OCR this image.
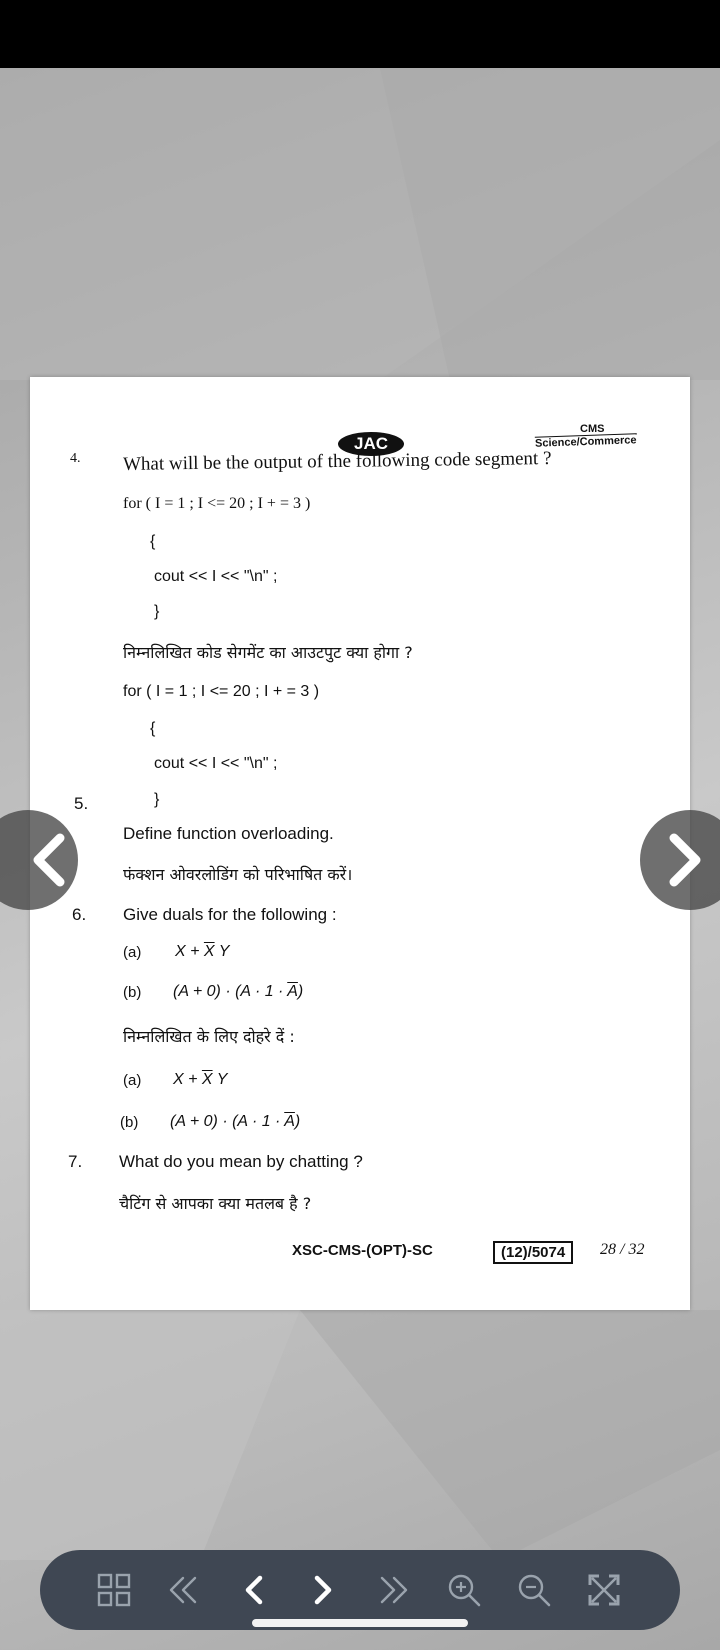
JAC
CMS
Science/Commerce
4. What will be the output of the following code segment ?
for ( I = 1 ; I <= 20 ; I + = 3 )
{
cout << I << "\n" ;
}
निम्नलिखित कोड सेगमेंट का आउटपुट क्या होगा ?
for ( I = 1 ; I <= 20 ; I + = 3 )
{
cout << I << "\n" ;
}
5.
Define function overloading.
फंक्शन ओवरलोडिंग को परिभाषित करें।
6. Give duals for the following :
(a) $X + \overline{X}$ Y
(b) $(A + 0) \cdot (A \cdot 1 \cdot \overline{A})$
निम्नलिखित के लिए दोहरे दें :
(a) $X + \overline{X}$ Y
(b) $(A + 0) \cdot (A \cdot 1 \cdot \overline{A})$
7. What do you mean by chatting ?
चैटिंग से आपका क्या मतलब है ?
XSC-CMS-(OPT)-SC	(12)/5074	28 / 32
